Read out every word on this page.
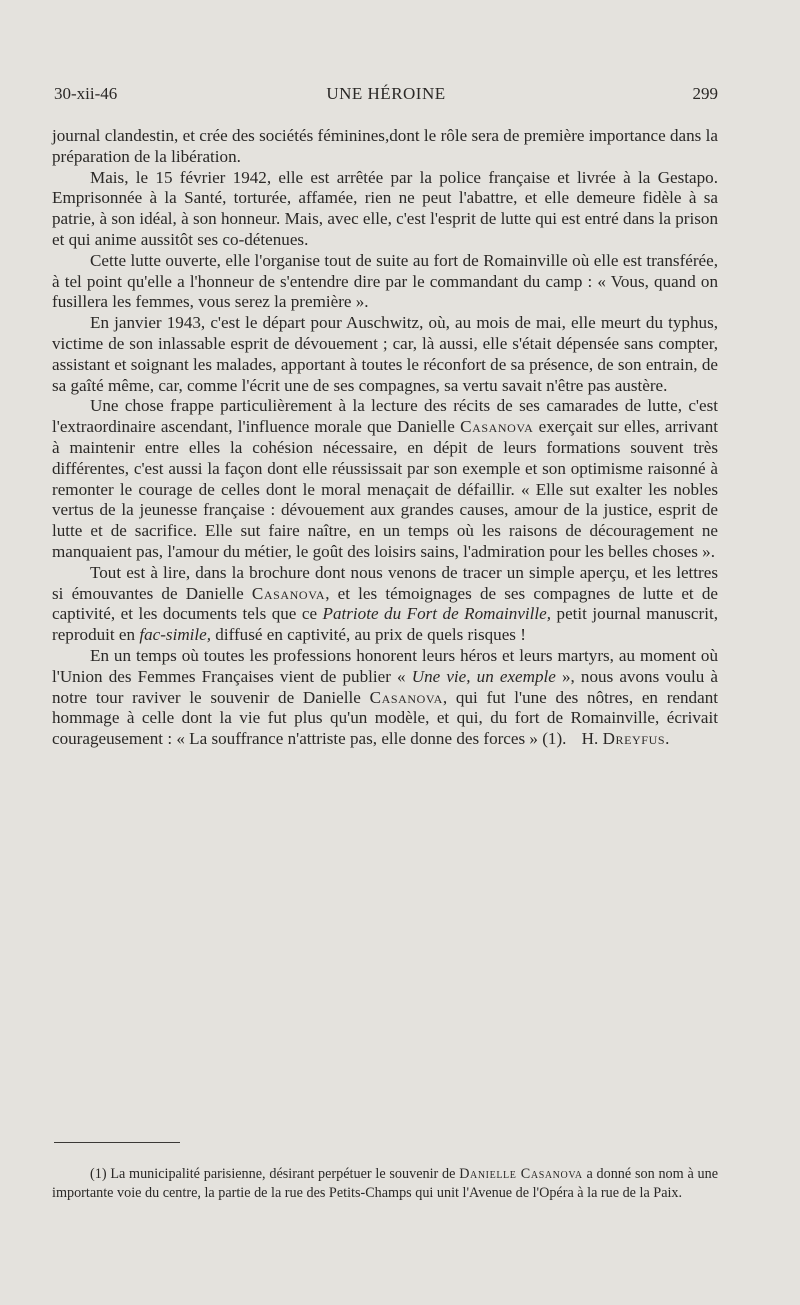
30-xii-46	UNE HÉROINE	299

journal clandestin, et crée des sociétés féminines,dont le rôle sera de première importance dans la préparation de la libération.

Mais, le 15 février 1942, elle est arrêtée par la police française et livrée à la Gestapo. Emprisonnée à la Santé, torturée, affamée, rien ne peut l'abattre, et elle demeure fidèle à sa patrie, à son idéal, à son honneur. Mais, avec elle, c'est l'esprit de lutte qui est entré dans la prison et qui anime aussitôt ses co-détenues.

Cette lutte ouverte, elle l'organise tout de suite au fort de Romainville où elle est transférée, à tel point qu'elle a l'honneur de s'entendre dire par le commandant du camp : « Vous, quand on fusillera les femmes, vous serez la première ».

En janvier 1943, c'est le départ pour Auschwitz, où, au mois de mai, elle meurt du typhus, victime de son inlassable esprit de dévouement ; car, là aussi, elle s'était dépensée sans compter, assistant et soignant les malades, apportant à toutes le réconfort de sa présence, de son entrain, de sa gaîté même, car, comme l'écrit une de ses compagnes, sa vertu savait n'être pas austère.

Une chose frappe particulièrement à la lecture des récits de ses camarades de lutte, c'est l'extraordinaire ascendant, l'influence morale que Danielle Casanova exerçait sur elles, arrivant à maintenir entre elles la cohésion nécessaire, en dépit de leurs formations souvent très différentes, c'est aussi la façon dont elle réussissait par son exemple et son optimisme raisonné à remonter le courage de celles dont le moral menaçait de défaillir. « Elle sut exalter les nobles vertus de la jeunesse française : dévouement aux grandes causes, amour de la justice, esprit de lutte et de sacrifice. Elle sut faire naître, en un temps où les raisons de découragement ne manquaient pas, l'amour du métier, le goût des loisirs sains, l'admiration pour les belles choses ».

Tout est à lire, dans la brochure dont nous venons de tracer un simple aperçu, et les lettres si émouvantes de Danielle Casanova, et les témoignages de ses compagnes de lutte et de captivité, et les documents tels que ce Patriote du Fort de Romainville, petit journal manuscrit, reproduit en fac-simile, diffusé en captivité, au prix de quels risques !

En un temps où toutes les professions honorent leurs héros et leurs martyrs, au moment où l'Union des Femmes Françaises vient de publier « Une vie, un exemple », nous avons voulu à notre tour raviver le souvenir de Danielle Casanova, qui fut l'une des nôtres, en rendant hommage à celle dont la vie fut plus qu'un modèle, et qui, du fort de Romainville, écrivait courageusement : « La souffrance n'attriste pas, elle donne des forces » (1). H. Dreyfus.

(1) La municipalité parisienne, désirant perpétuer le souvenir de Danielle Casanova a donné son nom à une importante voie du centre, la partie de la rue des Petits-Champs qui unit l'Avenue de l'Opéra à la rue de la Paix.
